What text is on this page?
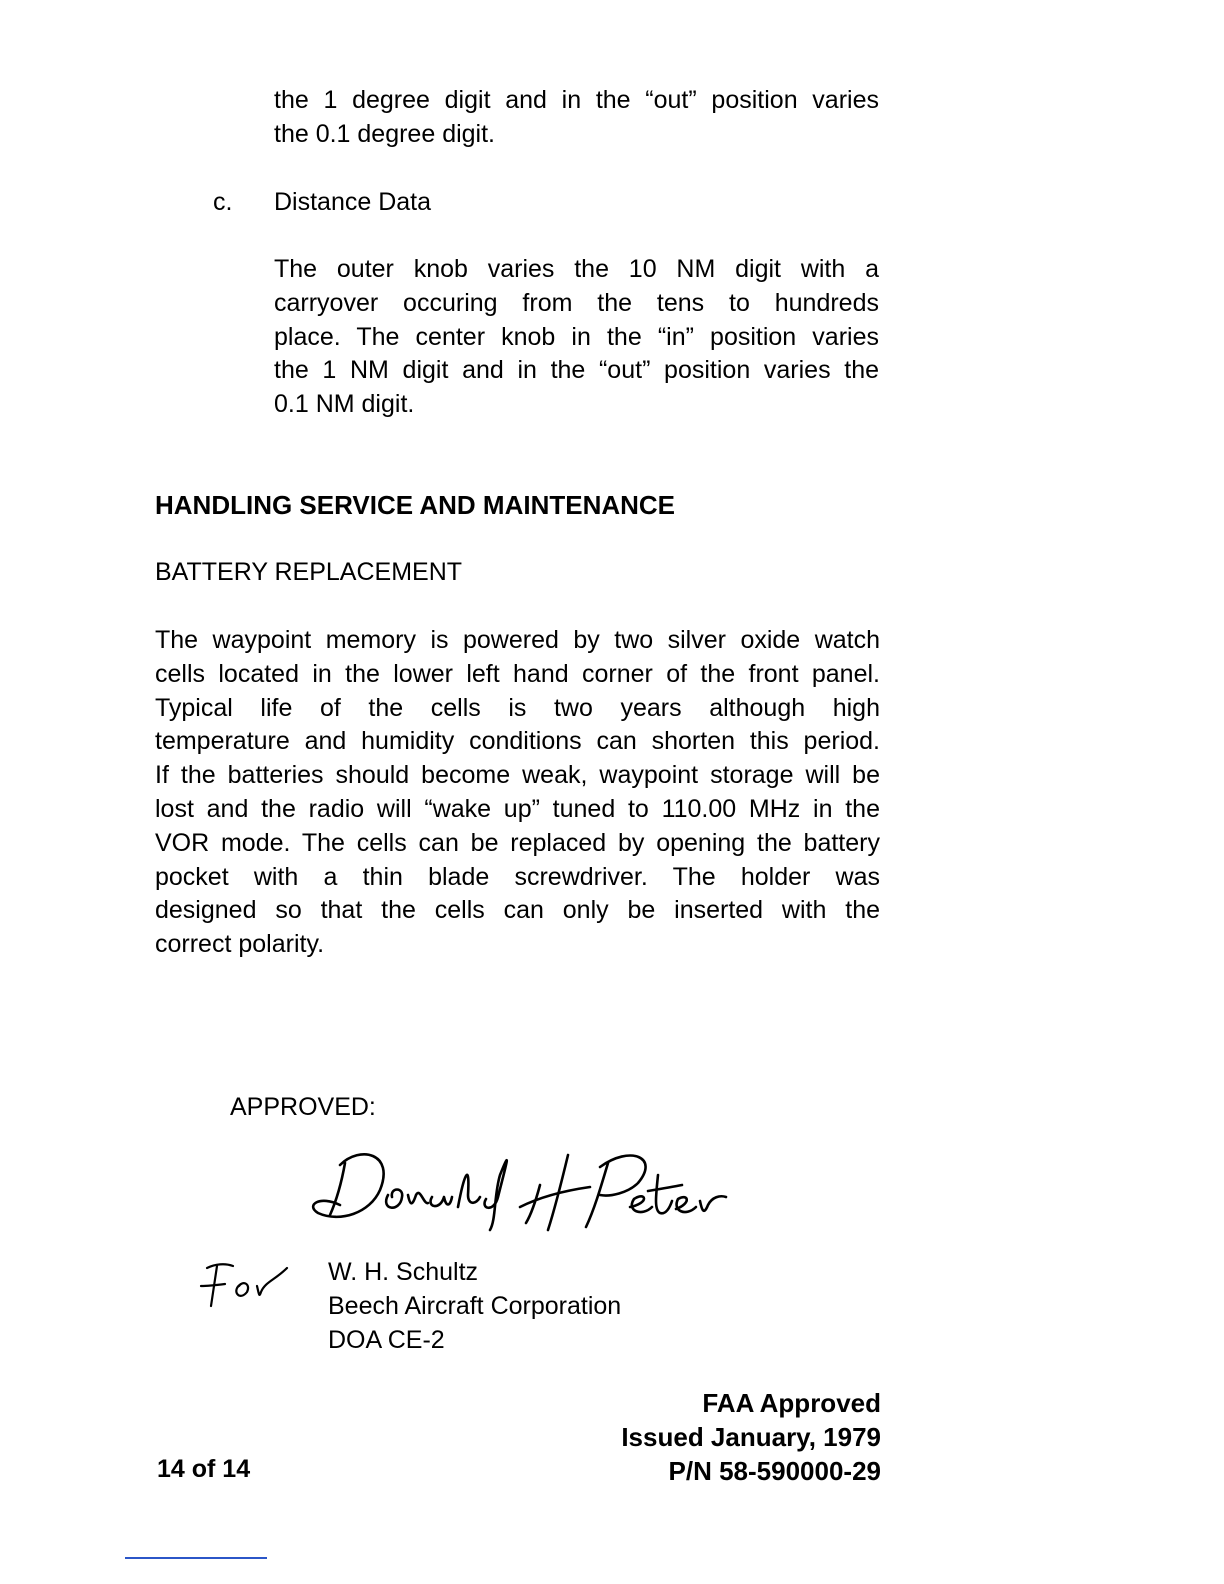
the 1 degree digit and in the “out” position varies
the 0.1 degree digit.
c. Distance Data
The outer knob varies the 10 NM digit with a
carryover occuring from the tens to hundreds
place. The center knob in the “in” position varies
the 1 NM digit and in the “out” position varies the
0.1 NM digit.
HANDLING SERVICE AND MAINTENANCE
BATTERY REPLACEMENT
The waypoint memory is powered by two silver oxide watch
cells located in the lower left hand corner of the front panel.
Typical life of the cells is two years although high
temperature and humidity conditions can shorten this period.
If the batteries should become weak, waypoint storage will be
lost and the radio will “wake up” tuned to 110.00 MHz in the
VOR mode. The cells can be replaced by opening the battery
pocket with a thin blade screwdriver. The holder was
designed so that the cells can only be inserted with the
correct polarity.
APPROVED:
W. H. Schultz
Beech Aircraft Corporation
DOA CE-2
14 of 14
FAA Approved
Issued January, 1979
P/N 58-590000-29
